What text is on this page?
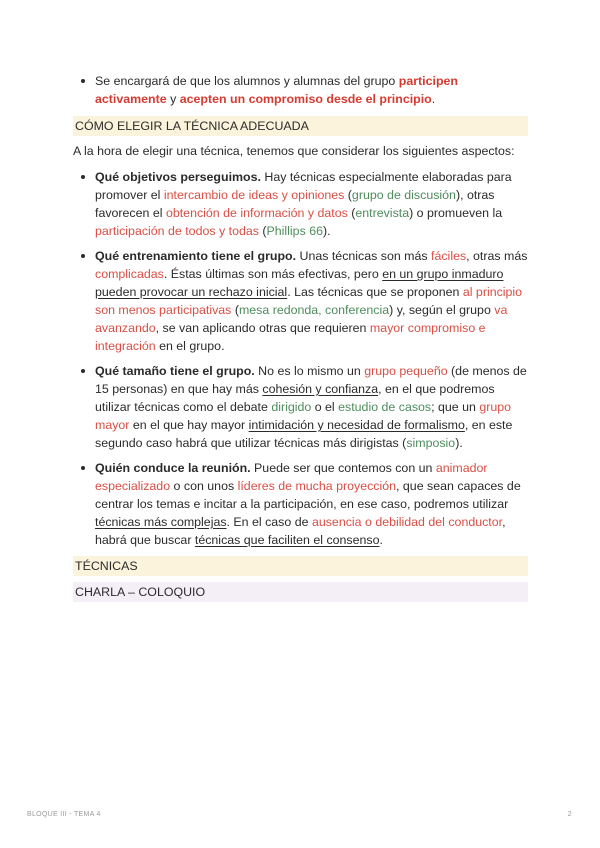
Se encargará de que los alumnos y alumnas del grupo participen activamente y acepten un compromiso desde el principio.
CÓMO ELEGIR LA TÉCNICA ADECUADA

A la hora de elegir una técnica, tenemos que considerar los siguientes aspectos:

Qué objetivos perseguimos. Hay técnicas especialmente elaboradas para promover el intercambio de ideas y opiniones (grupo de discusión), otras favorecen el obtención de información y datos (entrevista) o promueven la participación de todos y todas (Phillips 66).
Qué entrenamiento tiene el grupo. Unas técnicas son más fáciles, otras más complicadas. Éstas últimas son más efectivas, pero en un grupo inmaduro pueden provocar un rechazo inicial. Las técnicas que se proponen al principio son menos participativas (mesa redonda, conferencia) y, según el grupo va avanzando, se van aplicando otras que requieren mayor compromiso e integración en el grupo.
Qué tamaño tiene el grupo. No es lo mismo un grupo pequeño (de menos de 15 personas) en que hay más cohesión y confianza, en el que podremos utilizar técnicas como el debate dirigido o el estudio de casos; que un grupo mayor en el que hay mayor intimidación y necesidad de formalismo, en este segundo caso habrá que utilizar técnicas más dirigistas (simposio).
Quién conduce la reunión. Puede ser que contemos con un animador especializado o con unos líderes de mucha proyección, que sean capaces de centrar los temas e incitar a la participación, en ese caso, podremos utilizar técnicas más complejas. En el caso de ausencia o debilidad del conductor, habrá que buscar técnicas que faciliten el consenso.
TÉCNICAS
CHARLA – COLOQUIO
BLOQUE III - TEMA 4	2
